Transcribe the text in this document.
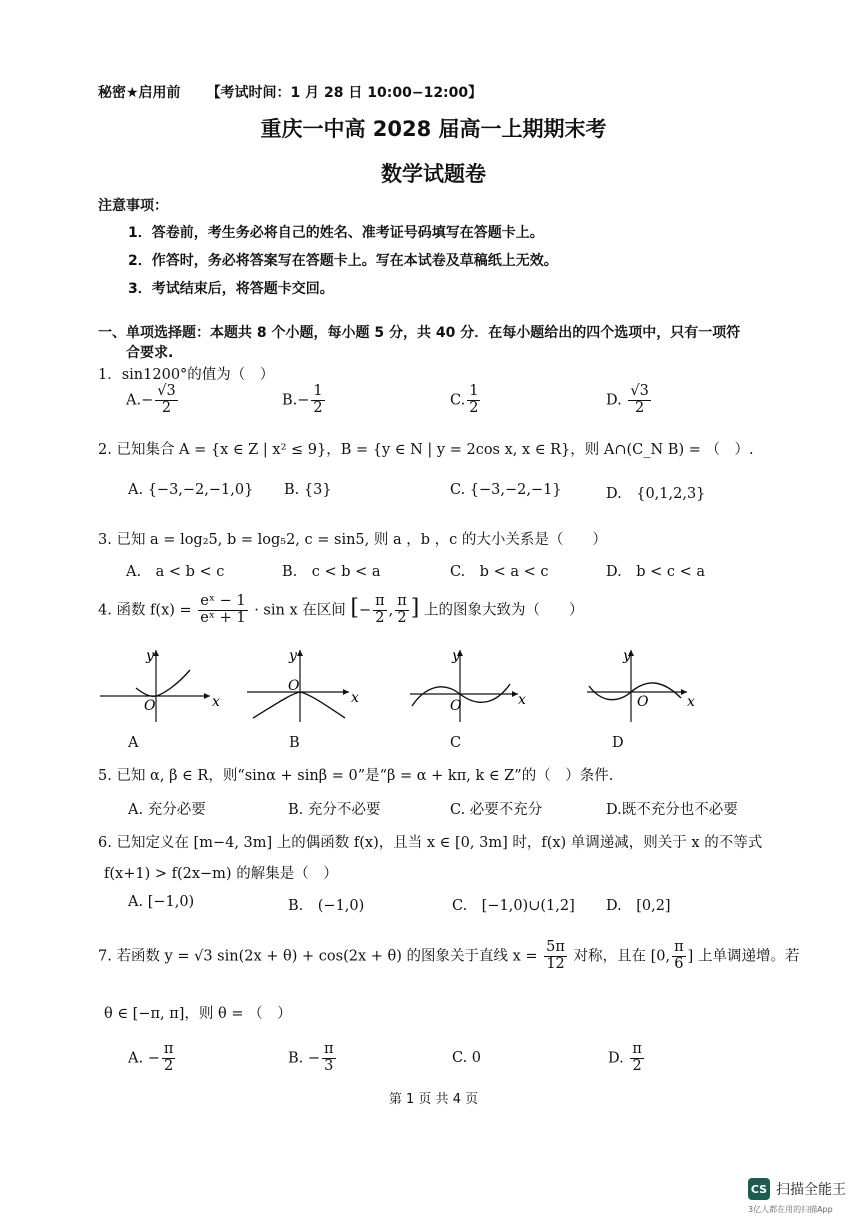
秘密★启用前 【考试时间：1 月 28 日 10:00−12:00】
重庆一中高 2028 届高一上期期末考
数学试题卷
注意事项：
1．答卷前，考生务必将自己的姓名、准考证号码填写在答题卡上。
2．作答时，务必将答案写在答题卡上。写在本试卷及草稿纸上无效。
3．考试结束后，将答题卡交回。
一、单项选择题：本题共 8 个小题，每小题 5 分，共 40 分．在每小题给出的四个选项中，只有一项符
合要求.
1．sin1200°的值为（　）
$A.- \frac{√3}{2}$	$B.- \frac{1}{2}$	C. $\frac{1}{2}$	D. $\frac{√3}{2}$
2. 已知集合 A = {x ∈ Z | x² ≤ 9}，B = {y ∈ N | y = 2cos x, x ∈ R}，则 A∩(C_N B) = （　）.
A. {−3,−2,−1,0} B. {3}	C. {−3,−2,−1}	D.　{0,1,2,3}
3. 已知 a = log₂5, b = log₅2, c = sin5, 则 a ，b ，c 的大小关系是（　　）
A.　a < b < c	B.　c < b < a	C.　b < a < c	D.　b < c < a
4. 函数 $f(x) = \frac{\text{eˣ − 1}}{\text{eˣ + 1}} \cdot \sin x$ 在区间 [− $\frac{\pi}{2}$ , $\frac{\pi}{2}$ ] 上的图象大致为（　　）
x
y
O	x
y
O
x
y
O	x
y
O
A	B	C	D
5. 已知 α, β ∈ R，则“sinα + sinβ = 0”是“β = α + kπ, k ∈ Z”的（　）条件.
A. 充分必要	B. 充分不必要	C. 必要不充分	D.既不充分也不必要
6. 已知定义在 [m−4, 3m] 上的偶函数 f(x)，且当 x ∈ [0, 3m] 时，f(x) 单调递减，则关于 x 的不等式
f(x+1) > f(2x−m) 的解集是（　）
A. [−1,0)	B.　(−1,0)	C.　[−1,0)∪(1,2] D.　[0,2]
7. 若函数 y = √3 sin(2x + θ) + cos(2x + θ) 的图象关于直线 $x = \frac{5\pi}{12}$ 对称，且在 [0, $\frac{\pi}{6}$ ] 上单调递增。若
θ ∈ [−π, π]，则 θ = （　）
A. − $\frac{\pi}{2}$	B. − $\frac{\pi}{3}$	C. 0	D. $\frac{\pi}{2}$
第 1 页 共 4 页
CS 扫描全能王
3亿人都在用的扫描App
